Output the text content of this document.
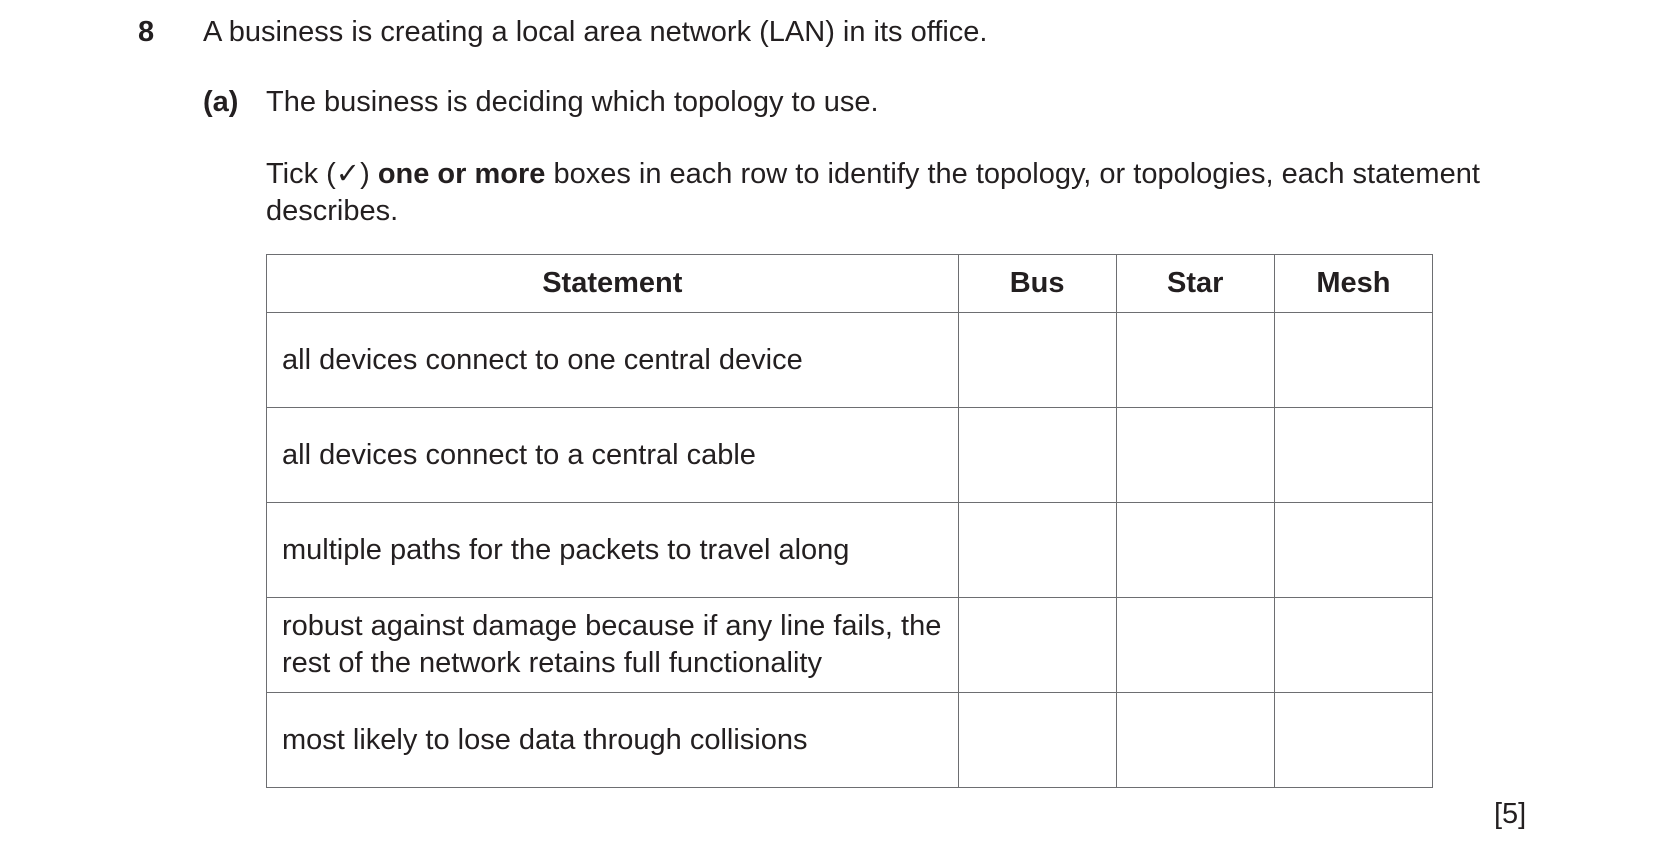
8 A business is creating a local area network (LAN) in its office.
(a) The business is deciding which topology to use.
Tick (✓) one or more boxes in each row to identify the topology, or topologies, each statement describes.
Statement	Bus	Star	Mesh
all devices connect to one central device			
all devices connect to a central cable			
multiple paths for the packets to travel along			
robust against damage because if any line fails, the rest of the network retains full functionality			
most likely to lose data through collisions			
[5]
